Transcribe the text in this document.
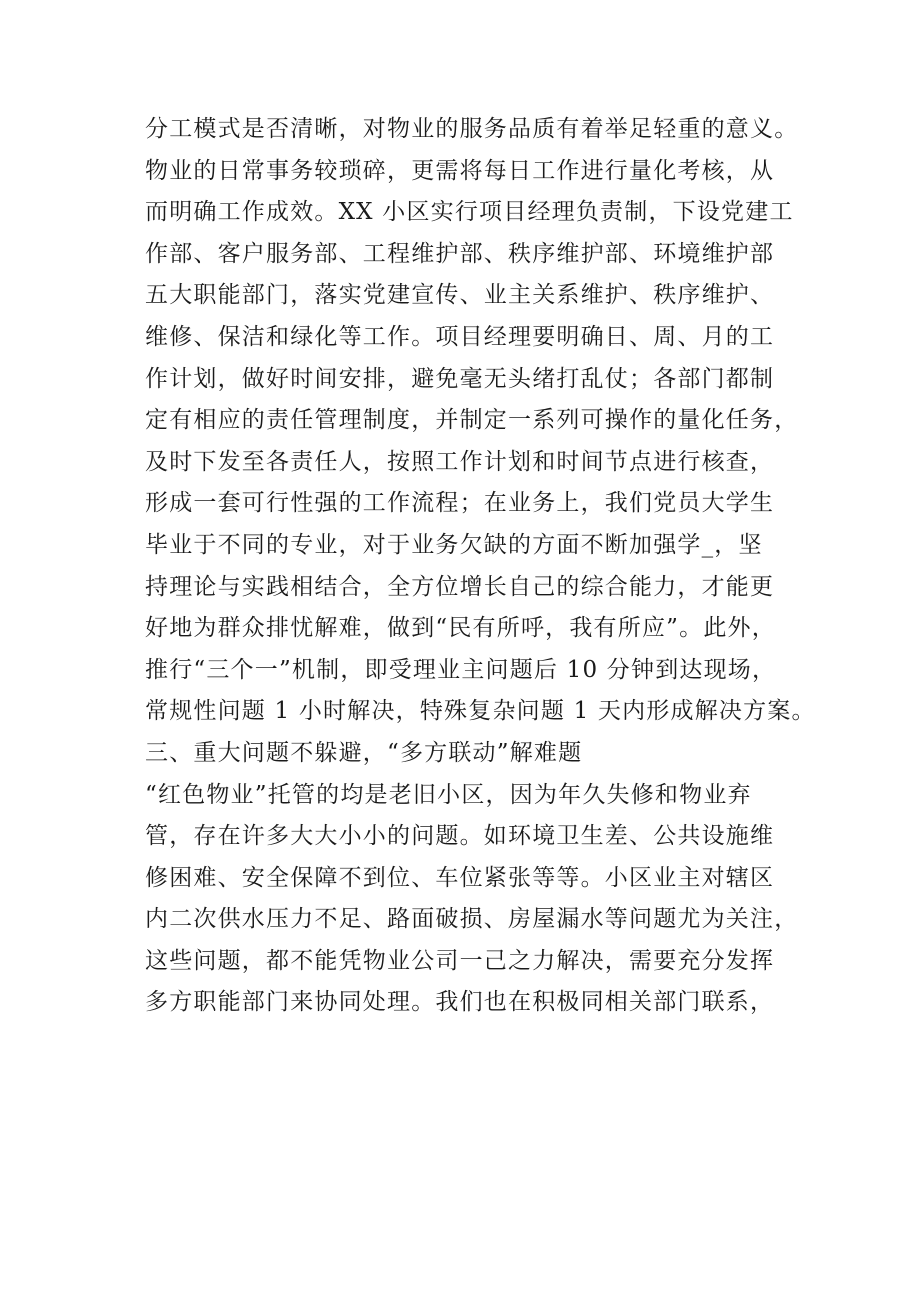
分工模式是否清晰，对物业的服务品质有着举足轻重的意义。
物业的日常事务较琐碎，更需将每日工作进行量化考核，从
而明确工作成效。XX 小区实行项目经理负责制，下设党建工
作部、客户服务部、工程维护部、秩序维护部、环境维护部
五大职能部门，落实党建宣传、业主关系维护、秩序维护、
维修、保洁和绿化等工作。项目经理要明确日、周、月的工
作计划，做好时间安排，避免毫无头绪打乱仗；各部门都制
定有相应的责任管理制度，并制定一系列可操作的量化任务，
及时下发至各责任人，按照工作计划和时间节点进行核查，
形成一套可行性强的工作流程；在业务上，我们党员大学生
毕业于不同的专业，对于业务欠缺的方面不断加强学_，坚
持理论与实践相结合，全方位增长自己的综合能力，才能更
好地为群众排忧解难，做到“民有所呼，我有所应”。此外，
推行“三个一”机制，即受理业主问题后 10 分钟到达现场，
常规性问题 1 小时解决，特殊复杂问题 1 天内形成解决方案。
三、重大问题不躲避，“多方联动”解难题
“红色物业”托管的均是老旧小区，因为年久失修和物业弃
管，存在许多大大小小的问题。如环境卫生差、公共设施维
修困难、安全保障不到位、车位紧张等等。小区业主对辖区
内二次供水压力不足、路面破损、房屋漏水等问题尤为关注，
这些问题，都不能凭物业公司一己之力解决，需要充分发挥
多方职能部门来协同处理。我们也在积极同相关部门联系，
